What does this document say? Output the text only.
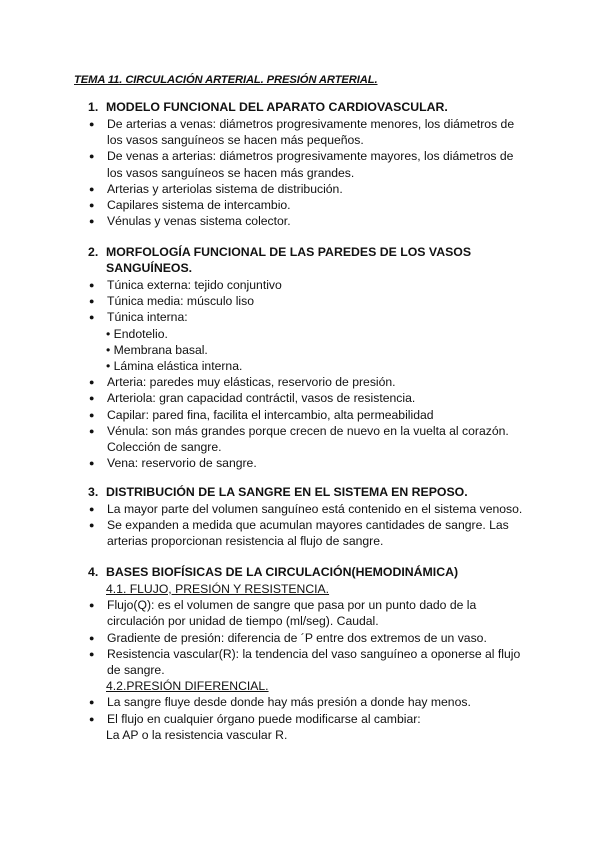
TEMA 11. CIRCULACIÓN ARTERIAL. PRESIÓN ARTERIAL.
1. MODELO FUNCIONAL DEL APARATO CARDIOVASCULAR.
●	De arterias a venas: diámetros progresivamente menores, los diámetros de los vasos sanguíneos se hacen más pequeños.
●	De venas a arterias: diámetros progresivamente mayores, los diámetros de los vasos sanguíneos se hacen más grandes.
●	Arterias y arteriolas sistema de distribución.
●	Capilares sistema de intercambio.
●	Vénulas y venas sistema colector.
2. MORFOLOGÍA FUNCIONAL DE LAS PAREDES DE LOS VASOS SANGUÍNEOS.
●	Túnica externa: tejido conjuntivo
●	Túnica media: músculo liso
●	Túnica interna:
• Endotelio.
• Membrana basal.
• Lámina elástica interna.
●	Arteria: paredes muy elásticas, reservorio de presión.
●	Arteriola: gran capacidad contráctil, vasos de resistencia.
●	Capilar: pared fina, facilita el intercambio, alta permeabilidad
●	Vénula: son más grandes porque crecen de nuevo en la vuelta al corazón. Colección de sangre.
●	Vena: reservorio de sangre.
3. DISTRIBUCIÓN DE LA SANGRE EN EL SISTEMA EN REPOSO.
●	La mayor parte del volumen sanguíneo está contenido en el sistema venoso.
●	Se expanden a medida que acumulan mayores cantidades de sangre. Las arterias proporcionan resistencia al flujo de sangre.
4. BASES BIOFÍSICAS DE LA CIRCULACIÓN(HEMODINÁMICA)
4.1. FLUJO, PRESIÓN Y RESISTENCIA.
●	Flujo(Q): es el volumen de sangre que pasa por un punto dado de la circulación por unidad de tiempo (ml/seg). Caudal.
●	Gradiente de presión: diferencia de ´P entre dos extremos de un vaso.
●	Resistencia vascular(R): la tendencia del vaso sanguíneo a oponerse al flujo de sangre.
4.2.PRESIÓN DIFERENCIAL.
●	La sangre fluye desde donde hay más presión a donde hay menos.
●	El flujo en cualquier órgano puede modificarse al cambiar:
La AP o la resistencia vascular R.
